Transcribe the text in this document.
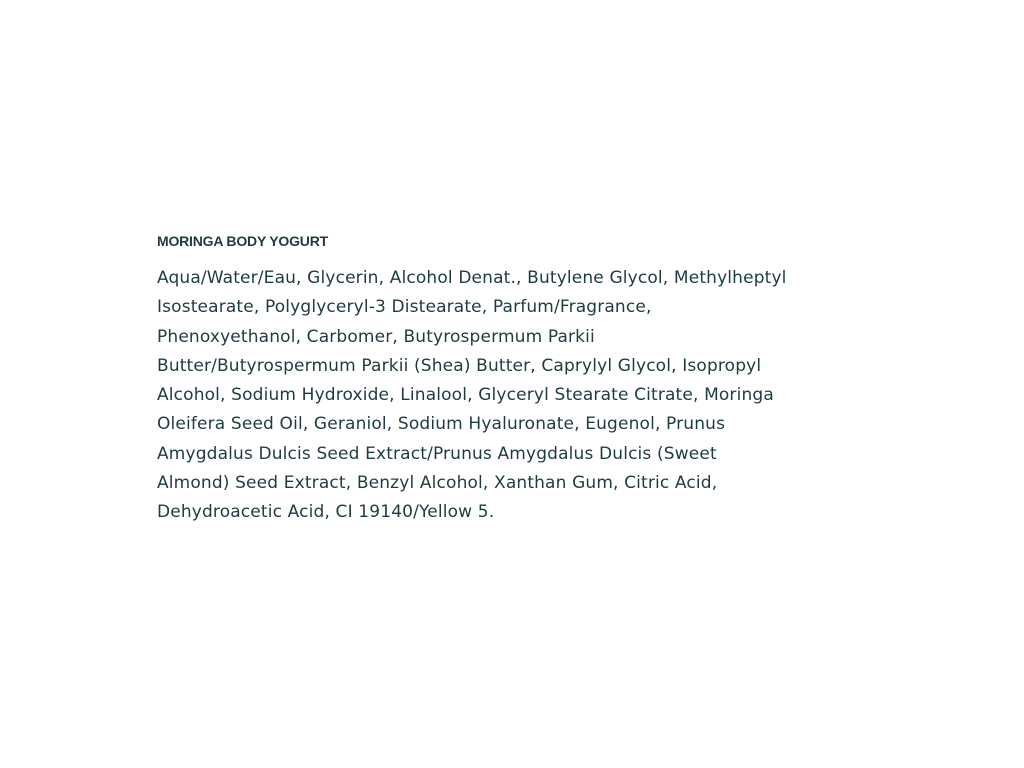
MORINGA BODY YOGURT

Aqua/Water/Eau, Glycerin, Alcohol Denat., Butylene Glycol, Methylheptyl
Isostearate, Polyglyceryl-3 Distearate, Parfum/Fragrance,
Phenoxyethanol, Carbomer, Butyrospermum Parkii
Butter/Butyrospermum Parkii (Shea) Butter, Caprylyl Glycol, Isopropyl
Alcohol, Sodium Hydroxide, Linalool, Glyceryl Stearate Citrate, Moringa
Oleifera Seed Oil, Geraniol, Sodium Hyaluronate, Eugenol, Prunus
Amygdalus Dulcis Seed Extract/Prunus Amygdalus Dulcis (Sweet
Almond) Seed Extract, Benzyl Alcohol, Xanthan Gum, Citric Acid,
Dehydroacetic Acid, CI 19140/Yellow 5.
